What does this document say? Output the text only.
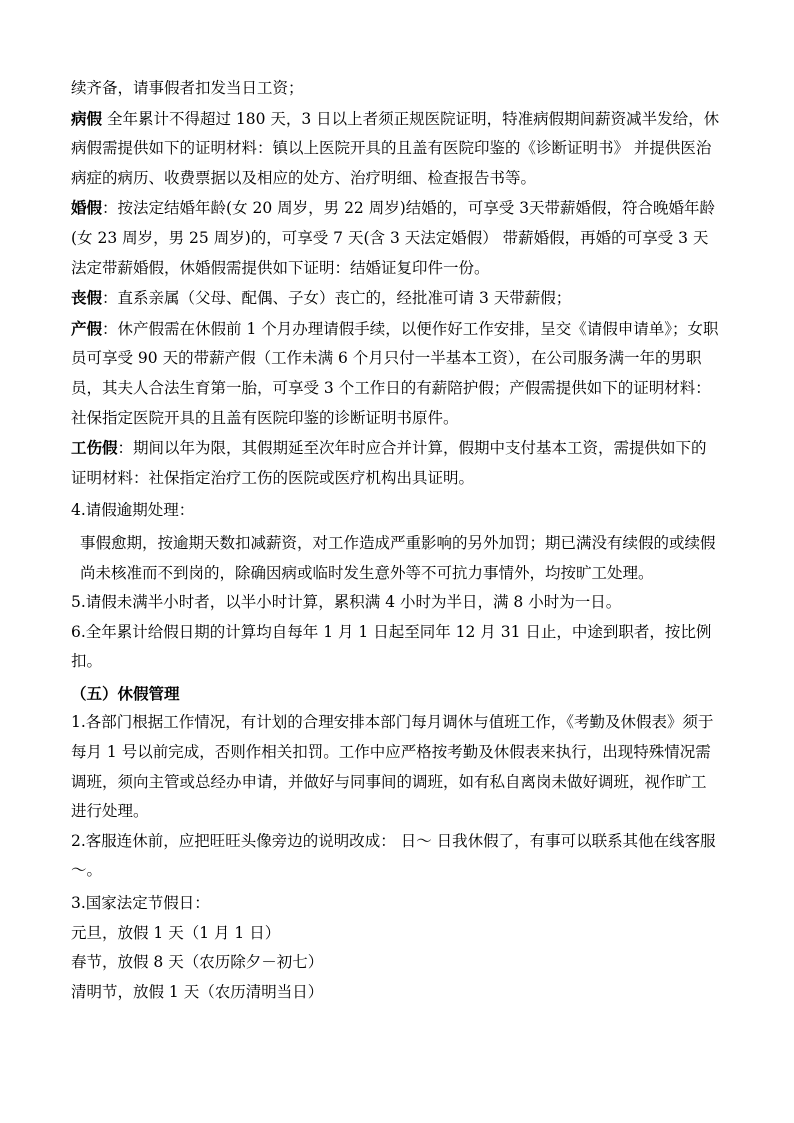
续齐备，请事假者扣发当日工资；

病假 全年累计不得超过 180 天，3 日以上者须正规医院证明，特准病假期间薪资减半发给，休病假需提供如下的证明材料：镇以上医院开具的且盖有医院印鉴的《诊断证明书》 并提供医治病症的病历、收费票据以及相应的处方、治疗明细、检查报告书等。

婚假：按法定结婚年龄(女 20 周岁，男 22 周岁)结婚的，可享受 3天带薪婚假，符合晚婚年龄(女 23 周岁，男 25 周岁)的，可享受 7 天(含 3 天法定婚假） 带薪婚假，再婚的可享受 3 天法定带薪婚假，休婚假需提供如下证明：结婚证复印件一份。

丧假：直系亲属（父母、配偶、子女）丧亡的，经批准可请 3 天带薪假；

产假：休产假需在休假前 1 个月办理请假手续，以便作好工作安排，呈交《请假申请单》；女职员可享受 90 天的带薪产假（工作未满 6 个月只付一半基本工资），在公司服务满一年的男职员，其夫人合法生育第一胎，可享受 3 个工作日的有薪陪护假；产假需提供如下的证明材料：社保指定医院开具的且盖有医院印鉴的诊断证明书原件。

工伤假：期间以年为限，其假期延至次年时应合并计算，假期中支付基本工资，需提供如下的证明材料：社保指定治疗工伤的医院或医疗机构出具证明。

4.请假逾期处理：

事假愈期，按逾期天数扣减薪资，对工作造成严重影响的另外加罚；期已满没有续假的或续假尚未核准而不到岗的，除确因病或临时发生意外等不可抗力事情外，均按旷工处理。

5.请假未满半小时者，以半小时计算，累积满 4 小时为半日，满 8 小时为一日。

6.全年累计给假日期的计算均自每年 1 月 1 日起至同年 12 月 31 日止，中途到职者，按比例扣。

（五）休假管理

1.各部门根据工作情况，有计划的合理安排本部门每月调休与值班工作，《考勤及休假表》须于每月 1 号以前完成，否则作相关扣罚。工作中应严格按考勤及休假表来执行，出现特殊情况需调班，须向主管或总经办申请，并做好与同事间的调班，如有私自离岗未做好调班，视作旷工进行处理。

2.客服连休前，应把旺旺头像旁边的说明改成： 日～ 日我休假了，有事可以联系其他在线客服～。

3.国家法定节假日：

元旦，放假 1 天（1 月 1 日）

春节，放假 8 天（农历除夕－初七）

清明节，放假 1 天（农历清明当日）
